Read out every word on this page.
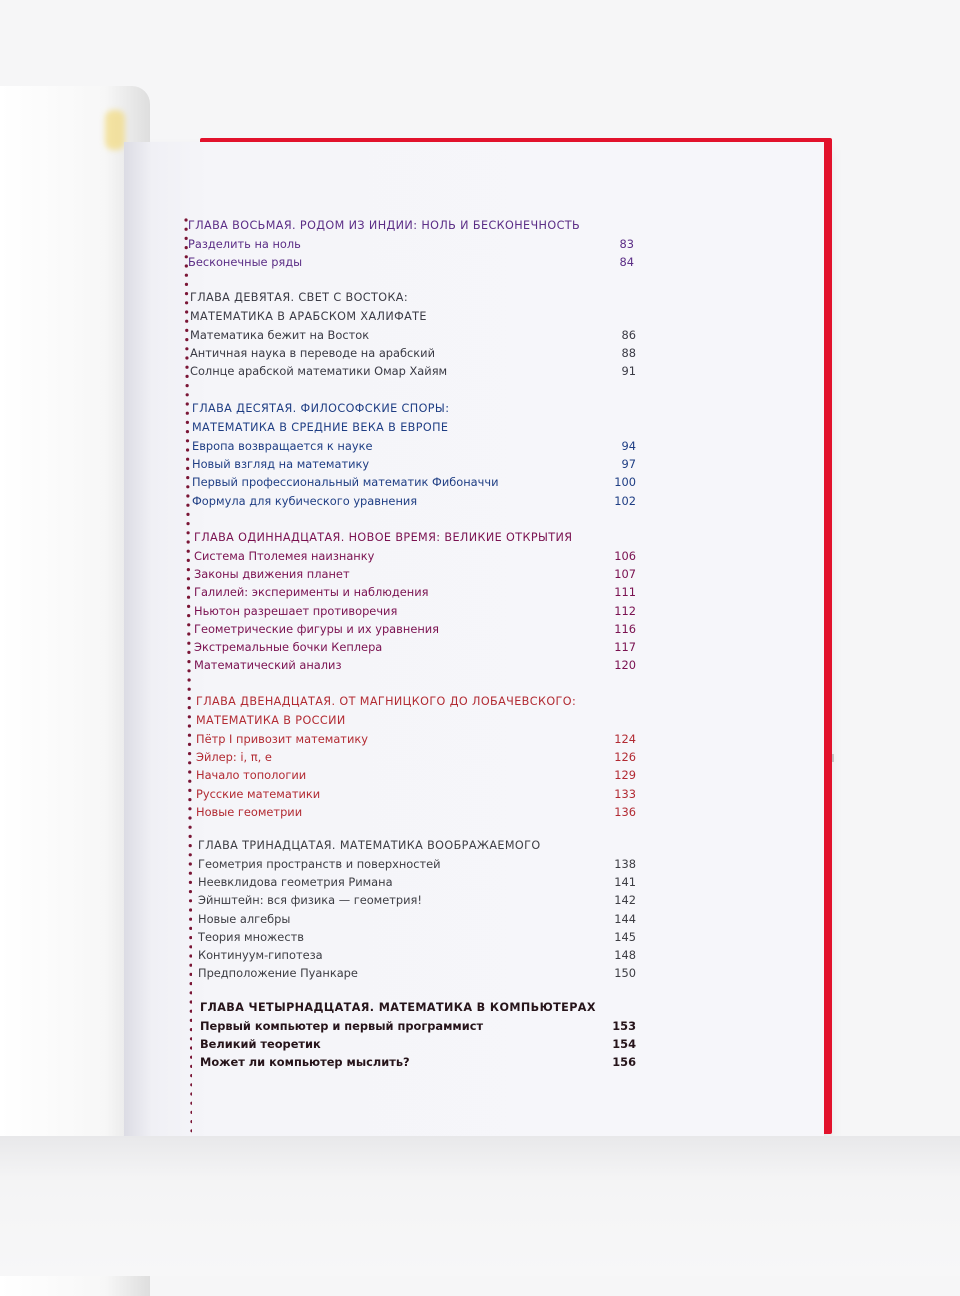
ГЛАВА ВОСЬМАЯ. РОДОМ ИЗ ИНДИИ: НОЛЬ И БЕСКОНЕЧНОСТЬ
Разделить на ноль	83
Бесконечные ряды	84
ГЛАВА ДЕВЯТАЯ. СВЕТ С ВОСТОКА:
МАТЕМАТИКА В АРАБСКОМ ХАЛИФАТЕ
Математика бежит на Восток	86
Античная наука в переводе на арабский	88
Солнце арабской математики Омар Хайям	91
ГЛАВА ДЕСЯТАЯ. ФИЛОСОФСКИЕ СПОРЫ:
МАТЕМАТИКА В СРЕДНИЕ ВЕКА В ЕВРОПЕ
Европа возвращается к науке	94
Новый взгляд на математику	97
Первый профессиональный математик Фибоначчи	100
Формула для кубического уравнения	102
ГЛАВА ОДИННАДЦАТАЯ. НОВОЕ ВРЕМЯ: ВЕЛИКИЕ ОТКРЫТИЯ
Система Птолемея наизнанку	106
Законы движения планет	107
Галилей: эксперименты и наблюдения	111
Ньютон разрешает противоречия	112
Геометрические фигуры и их уравнения	116
Экстремальные бочки Кеплера	117
Математический анализ	120
ГЛАВА ДВЕНАДЦАТАЯ. ОТ МАГНИЦКОГО ДО ЛОБАЧЕВСКОГО:
МАТЕМАТИКА В РОССИИ
Пётр I привозит математику	124
Эйлер: i, π, e	126
Начало топологии	129
Русские математики	133
Новые геометрии	136
ГЛАВА ТРИНАДЦАТАЯ. МАТЕМАТИКА ВООБРАЖАЕМОГО
Геометрия пространств и поверхностей	138
Неевклидова геометрия Римана	141
Эйнштейн: вся физика — геометрия!	142
Новые алгебры	144
Теория множеств	145
Континуум-гипотеза	148
Предположение Пуанкаре	150
ГЛАВА ЧЕТЫРНАДЦАТАЯ. МАТЕМАТИКА В КОМПЬЮТЕРАХ
Первый компьютер и первый программист	153
Великий теоретик	154
Может ли компьютер мыслить?	156
